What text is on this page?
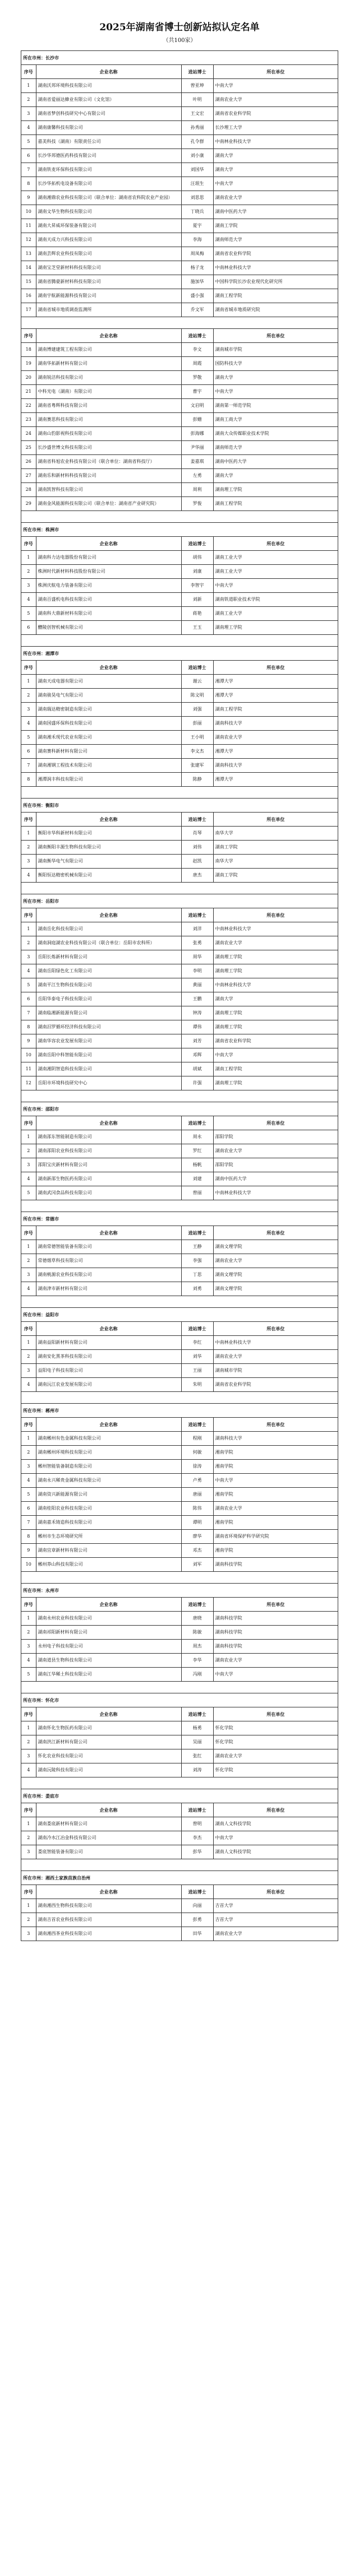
2025年湖南省博士创新站拟认定名单
（共100家）
所在市州：长沙市			
序号	企业名称	进站博士	所在单位
1	湖南沃邦环境科技有限公司	曾亚坤	中南大学
2	湖南省爱丽达蜂业有限公司（文化馆）	叶明	湖南农业大学
3	湖南省梦创科技研究中心有限公司	王文宏	湖南省农业科学院
4	湖南康馨科技有限公司	孙秀丽	长沙理工大学
5	嘉美科技（湖南）有限责任公司	孔令群	中南林业科技大学
6	长沙华邦德医药科技有限公司	刘小康	湖南大学
7	湖南铁麦环保科技有限公司	刘国华	湖南大学
8	长沙华拓机电设备有限公司	汪珉生	中南大学
9	湖南湘鼎农业科技有限公司（联合单位：湖南省农科院农业产业园）	刘思思	湖南农业大学
10	湖南文华生物科技有限公司	丁晓兵	湖南中医药大学
11	湖南大昇威环保装备有限公司	夏宇	湖南工学院
12	湖南天成力兴科技有限公司	李海	湖南师范大学
13	湖南芸辉农业科技有限公司	周凤梅	湖南省农业科学院
14	湖南宝芝堂新材料科技有限公司	杨子龙	中南林业科技大学
15	湖南省腾豪新材料科技有限公司	施加华	中国科学院长沙农业现代化研究所
16	湖南宇航新能源科技有限公司	盛小强	湖南工程学院
17	湖南省城市地质调查监测所	乔文军	湖南省城市地质研究院

序号	企业名称	进站博士	所在单位
18	湖南博建建筑工程有限公司	李文	湖南城市学院
19	湖南华拓新材料有限公司	周霞	国防科技大学
20	湖南锐洁科技有限公司	罗敬	湖南大学
21	中科光电（湖南）有限公司	曹宇	中南大学
22	湖南省粤辉科技有限公司	文启明	湖南第一师范学院
23	湖南赛思科技有限公司	彭姗	湖南工商大学
24	湖南山豹影视科技有限公司	彭海娜	湖南大众传媒职业技术学院
25	长沙盛世博文科技有限公司	尹华丽	湖南师范大学
26	湖南省科旭农业科技有限公司（联合单位：湖南省科技厅）	姜嘉琪	湖南中医药大学
27	湖南乐和新材料科技有限公司	左勇	湖南大学
28	湖南凯智科技有限公司	周利	湖南理工学院
29	湖南金风能源科技有限公司（联合单位：湖南省产业研究院）	罗俊	湖南工程学院

所在市州：株洲市			
序号	企业名称	进站博士	所在单位
1	湖南科力达电器股份有限公司	胡伟	湖南工业大学
2	株洲时代新材料科技股份有限公司	刘康	湖南工业大学
3	株洲庆航电力装备有限公司	李智宇	中南大学
4	湖南百盛机电科技有限公司	刘新	湖南铁道职业技术学院
5	湖南科大鼎新材料有限公司	蒋艳	湖南工业大学
6	醴陵创智机械有限公司	王玉	湖南理工学院

所在市州：湘潭市			
序号	企业名称	进站博士	所在单位
1	湖南天成电器有限公司	谢云	湘潭大学
2	湖南骏昊电气有限公司	陈文明	湘潭大学
3	湖南瑞达精密制造有限公司	刘强	湖南工程学院
4	湖南国盛环保科技有限公司	彭丽	湖南科技大学
5	湖南湘禾现代农业有限公司	王小明	湖南农业大学
6	湖南赛科新材料有限公司	李文杰	湘潭大学
7	湖南湘钢工程技术有限公司	张建军	湖南科技大学
8	湘潭润丰科技有限公司	陈静	湘潭大学

所在市州：衡阳市			
序号	企业名称	进站博士	所在单位
1	衡阳市华科新材料有限公司	肖琴	南华大学
2	湖南衡阳丰源生物科技有限公司	刘伟	湖南工学院
3	湖南衡华电气有限公司	赵凯	南华大学
4	衡阳恒达精密机械有限公司	唐杰	湖南工学院

所在市州：岳阳市			
序号	企业名称	进站博士	所在单位
1	湖南岳化科技有限公司	刘洋	中南林业科技大学
2	湖南洞庭湖农业科技有限公司（联合单位：岳阳市农科所）	张勇	湖南农业大学
3	岳阳长炼新材料有限公司	周华	湖南理工学院
4	湖南岳阳绿色化工有限公司	李明	湖南理工学院
5	湖南平江生物科技有限公司	黄丽	中南林业科技大学
6	岳阳华泰电子科技有限公司	王鹏	湖南大学
7	湖南临湘新能源有限公司	钟涛	湖南理工学院
8	湖南汨罗循环经济科技有限公司	谭伟	湖南理工学院
9	湖南华容农业发展有限公司	刘芳	湖南省农业科学院
10	湖南岳阳中科智能有限公司	邓辉	中南大学
11	湖南湘阴智造科技有限公司	胡斌	湖南工程学院
12	岳阳市环境科技研究中心	许强	湖南理工学院

所在市州：邵阳市			
序号	企业名称	进站博士	所在单位
1	湖南邵东智能制造有限公司	周永	邵阳学院
2	湖南邵阳农业科技有限公司	罗红	湖南农业大学
3	邵阳宝庆新材料有限公司	杨帆	邵阳学院
4	湖南新邵生物医药有限公司	刘建	湖南中医药大学
5	湖南武冈食品科技有限公司	曾丽	中南林业科技大学

所在市州：常德市			
序号	企业名称	进站博士	所在单位
1	湖南常德智能装备有限公司	王静	湖南文理学院
2	常德烟草科技有限公司	李强	湖南农业大学
3	湖南桃源农业科技有限公司	丁思	湖南文理学院
4	湖南津市新材料有限公司	刘勇	湖南文理学院

所在市州：益阳市			
序号	企业名称	进站博士	所在单位
1	湖南益阳新材料有限公司	李红	中南林业科技大学
2	湖南安化黑茶科技有限公司	刘华	湖南农业大学
3	益阳电子科技有限公司	王丽	湖南城市学院
4	湖南沅江农业发展有限公司	朱明	湖南省农业科学院

所在市州：郴州市			
序号	企业名称	进站博士	所在单位
1	湖南郴州有色金属科技有限公司	程刚	湖南科技大学
2	湖南郴州环境科技有限公司	何敏	湘南学院
3	郴州智能装备制造有限公司	徐涛	湘南学院
4	湖南永兴稀贵金属科技有限公司	卢勇	中南大学
5	湖南资兴新能源有限公司	唐丽	湘南学院
6	湖南桂阳农业科技有限公司	陈伟	湖南农业大学
7	湖南嘉禾铸造科技有限公司	谭明	湘南学院
8	郴州市生态环境研究所	廖华	湖南省环境保护科学研究院
9	湖南宜章新材料有限公司	邓杰	湘南学院
10	郴州莽山科技有限公司	刘军	湖南科技学院

所在市州：永州市			
序号	企业名称	进站博士	所在单位
1	湖南永州农业科技有限公司	唐晓	湖南科技学院
2	湖南祁阳新材料有限公司	陈敏	湖南科技学院
3	永州电子科技有限公司	周杰	湖南科技学院
4	湖南道县生物科技有限公司	李华	湖南农业大学
5	湖南江华稀土科技有限公司	冯刚	中南大学

所在市州：怀化市			
序号	企业名称	进站博士	所在单位
1	湖南怀化生物医药有限公司	杨勇	怀化学院
2	湖南洪江新材料有限公司	吴丽	怀化学院
3	怀化农业科技有限公司	张红	湖南农业大学
4	湖南沅陵科技有限公司	刘涛	怀化学院

所在市州：娄底市			
序号	企业名称	进站博士	所在单位
1	湖南娄底新材料有限公司	曾明	湖南人文科技学院
2	湖南冷水江冶金科技有限公司	李杰	中南大学
3	娄底智能装备有限公司	彭华	湖南人文科技学院

所在市州：湘西土家族苗族自治州			
序号	企业名称	进站博士	所在单位
1	湖南湘西生物科技有限公司	向丽	吉首大学
2	湖南吉首农业科技有限公司	彭勇	吉首大学
3	湖南湘西茶业科技有限公司	田华	湖南农业大学
